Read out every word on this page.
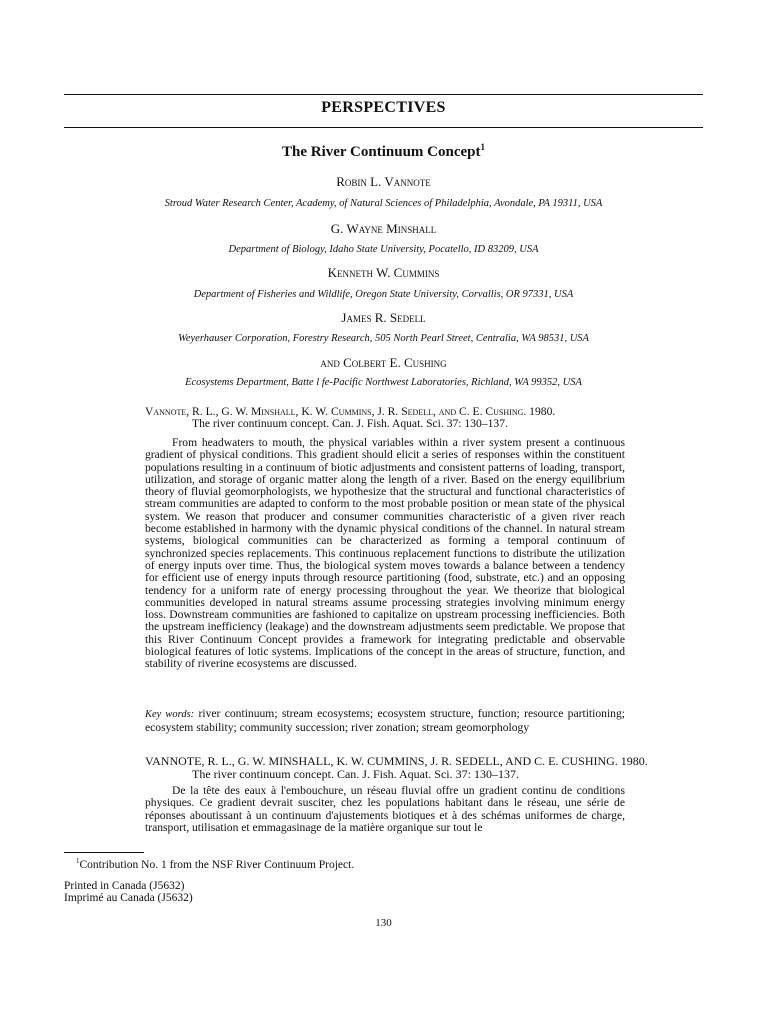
PERSPECTIVES
The River Continuum Concept$^1$
Robin L. Vannote
Stroud Water Research Center, Academy, of Natural Sciences of Philadelphia, Avondale, PA 19311, USA
G. Wayne Minshall
Department of Biology, Idaho State University, Pocatello, ID 83209, USA
Kenneth W. Cummins
Department of Fisheries and Wildlife, Oregon State University, Corvallis, OR 97331, USA
James R. Sedell
Weyerhauser Corporation, Forestry Research, 505 North Pearl Street, Centralia, WA 98531, USA
and Colbert E. Cushing
Ecosystems Department, Batte l fe-Pacific Northwest Laboratories, Richland, WA 99352, USA
Vannote, R. L., G. W. Minshall, K. W. Cummins, J. R. Sedell, and C. E. Cushing. 1980.
The river continuum concept. Can. J. Fish. Aquat. Sci. 37: 130–137.
From headwaters to mouth, the physical variables within a river system present a continuous gradient of physical conditions. This gradient should elicit a series of responses within the constituent populations resulting in a continuum of biotic adjustments and consistent patterns of loading, transport, utilization, and storage of organic matter along the length of a river. Based on the energy equilibrium theory of fluvial geomorphologists, we hypothesize that the structural and functional characteristics of stream communities are adapted to conform to the most probable position or mean state of the physical system. We reason that producer and consumer communities characteristic of a given river reach become established in harmony with the dynamic physical conditions of the channel. In natural stream systems, biological communities can be characterized as forming a temporal continuum of synchronized species replacements. This continuous replacement functions to distribute the utilization of energy inputs over time. Thus, the biological system moves towards a balance between a tendency for efficient use of energy inputs through resource partitioning (food, substrate, etc.) and an opposing tendency for a uniform rate of energy processing throughout the year. We theorize that biological communities developed in natural streams assume processing strategies involving minimum energy loss. Downstream communities are fashioned to capitalize on upstream processing inefficiencies. Both the upstream inefficiency (leakage) and the downstream adjustments seem predictable. We propose that this River Continuum Concept provides a framework for integrating predictable and observable biological features of lotic systems. Implications of the concept in the areas of structure, function, and stability of riverine ecosystems are discussed.
Key words: river continuum; stream ecosystems; ecosystem structure, function; resource partitioning; ecosystem stability; community succession; river zonation; stream geomorphology
VANNOTE, R. L., G. W. MINSHALL, K. W. CUMMINS, J. R. SEDELL, AND C. E. CUSHING. 1980.
The river continuum concept. Can. J. Fish. Aquat. Sci. 37: 130–137.
De la tête des eaux à l'embouchure, un réseau fluvial offre un gradient continu de conditions physiques. Ce gradient devrait susciter, chez les populations habitant dans le réseau, une série de réponses aboutissant à un continuum d'ajustements biotiques et à des schémas uniformes de charge, transport, utilisation et emmagasinage de la matière organique sur tout le
$^1$Contribution No. 1 from the NSF River Continuum Project.
Printed in Canada (J5632)
Imprimé au Canada (J5632)
130
